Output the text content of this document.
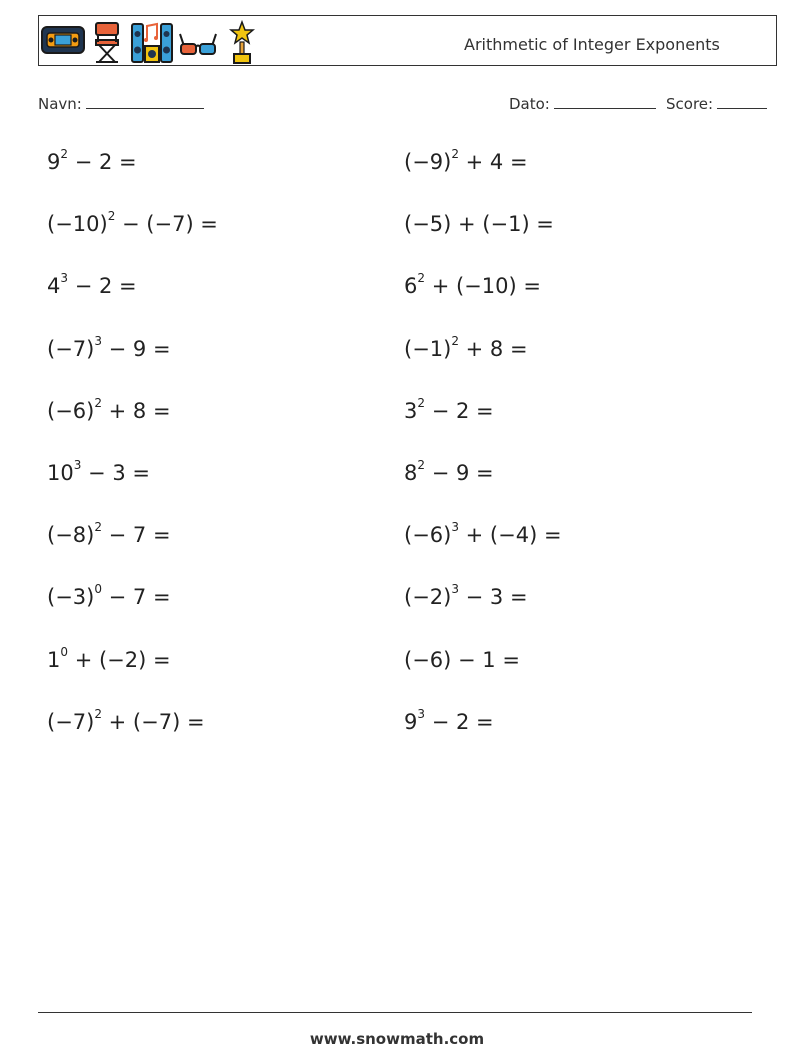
Arithmetic of Integer Exponents
Navn:	Dato:	Score:
$9^2 - 2$ =
$(-10)^2 - (-7)$ =
$4^3 - 2$ =
$(-7)^3 - 9$ =
$(-6)^2 + 8$ =
$10^3 - 3$ =
$(-8)^2 - 7$ =
$(-3)^0 - 7$ =
$1^0 + (-2)$ =
$(-7)^2 + (-7)$ =
$(-9)^2 + 4$ =
(−5) + (−1) =
$6^2 + (-10)$ =
$(-1)^2 + 8$ =
$3^2 - 2$ =
$8^2 - 9$ =
$(-6)^3 + (-4)$ =
$(-2)^3 - 3$ =
(−6) − 1 =
$9^3 - 2$ =
www.snowmath.com
